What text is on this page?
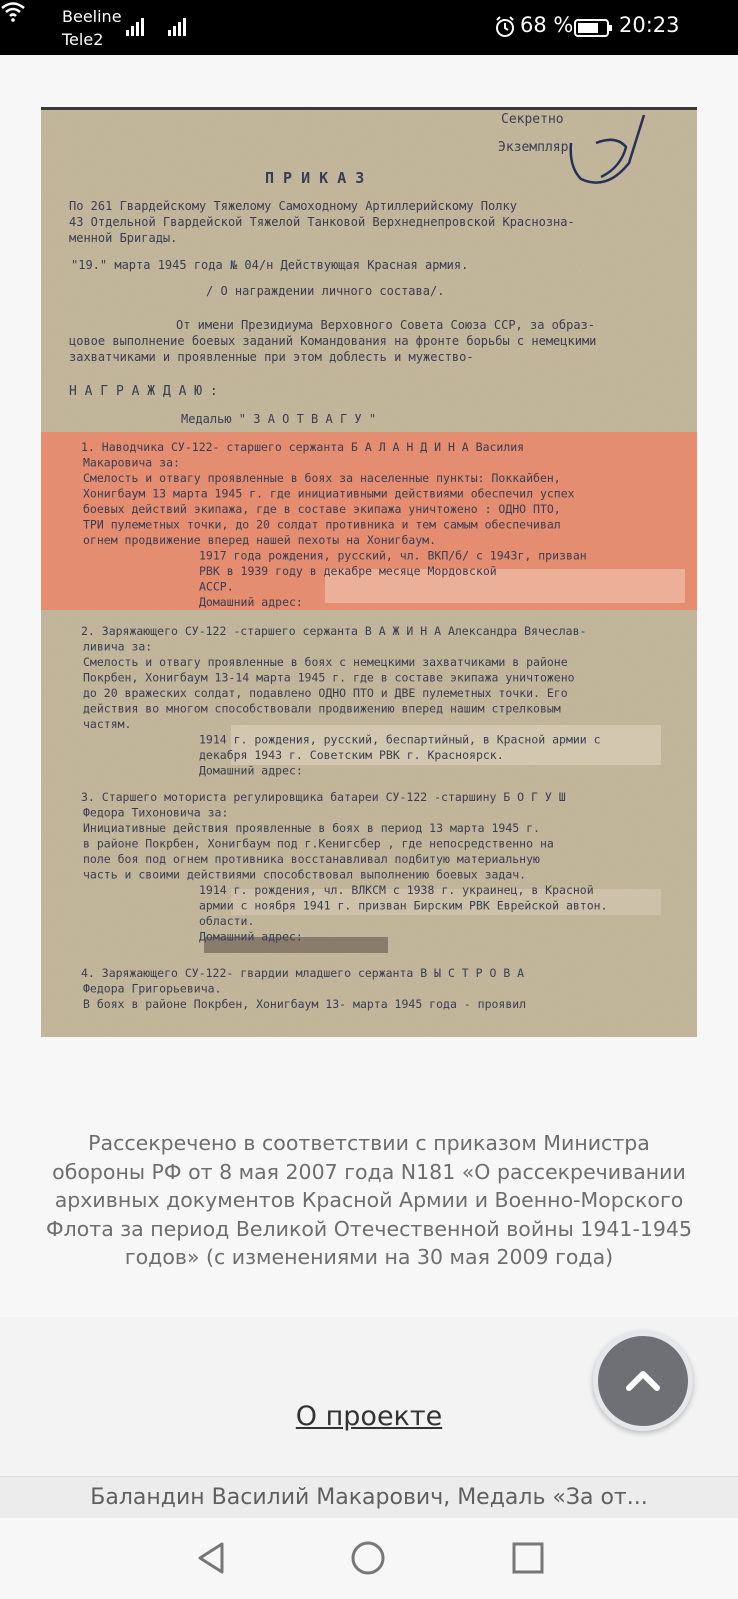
Beeline
Tele2
68 % 20:23
Секретно
Экземпляр
П Р И К А З
По 261 Гвардейскому Тяжелому Самоходному Артиллерийскому Полку
43 Отдельной Гвардейской Тяжелой Танковой Верхнеднепровской Краснозна-
менной Бригады.
"19." марта 1945 года № 04/н Действующая Красная армия.
/ О награждении личного состава/.
От имени Президиума Верховного Совета Союза ССР, за образ-
цовое выполнение боевых заданий Командования на фронте борьбы с немецкими
захватчиками и проявленные при этом доблесть и мужество-
Н А Г Р А Ж Д А Ю :
Медалью " З А О Т В А Г У "
1. Наводчика СУ-122- старшего сержанта Б А Л А Н Д И Н А Василия
Макаровича за:
Смелость и отвагу проявленные в боях за населенные пункты: Поккайбен,
Хонигбаум 13 марта 1945 г. где инициативными действиями обеспечил успех
боевых действий экипажа, где в составе экипажа уничтожено : ОДНО ПТО,
ТРИ пулеметных точки, до 20 солдат противника и тем самым обеспечивал
огнем продвижение вперед нашей пехоты на Хонигбаум.
1917 года рождения, русский, чл. ВКП/б/ с 1943г, призван
РВК в 1939 году в декабре месяце Мордовской
АССР.
Домашний адрес:
2. Заряжающего СУ-122 -старшего сержанта В А Ж И Н А Александра Вячеслав-
ливича за:
Смелость и отвагу проявленные в боях с немецкими захватчиками в районе
Покрбен, Хонигбаум 13-14 марта 1945 г. где в составе экипажа уничтожено
до 20 вражеских солдат, подавлено ОДНО ПТО и ДВЕ пулеметных точки. Его
действия во многом способствовали продвижению вперед нашим стрелковым
частям.
1914 г. рождения, русский, беспартийный, в Красной армии с
декабря 1943 г. Советским РВК г. Красноярск.
Домашний адрес:
3. Старшего моториста регулировщика батареи СУ-122 -старшину Б О Г У Ш
Федора Тихоновича за:
Инициативные действия проявленные в боях в период 13 марта 1945 г.
в районе Покрбен, Хонигбаум под г.Кенигсбер , где непосредственно на
поле боя под огнем противника восстанавливал подбитую материальную
часть и своими действиями способствовал выполнению боевых задач.
1914 г. рождения, чл. ВЛКСМ с 1938 г. украинец, в Красной
армии с ноября 1941 г. призван Бирским РВК Еврейской автон.
области.
Домашний адрес:
4. Заряжающего СУ-122- гвардии младшего сержанта В Ы С Т Р О В А
Федора Григорьевича.
В боях в районе Покрбен, Хонигбаум 13- марта 1945 года - проявил
Рассекречено в соответствии с приказом Министра обороны РФ от 8 мая 2007 года N181 «О рассекречивании архивных документов Красной Армии и Военно-Морского Флота за период Великой Отечественной войны 1941-1945 годов» (с изменениями на 30 мая 2009 года)
О проекте
Баландин Василий Макарович, Медаль «За от...
